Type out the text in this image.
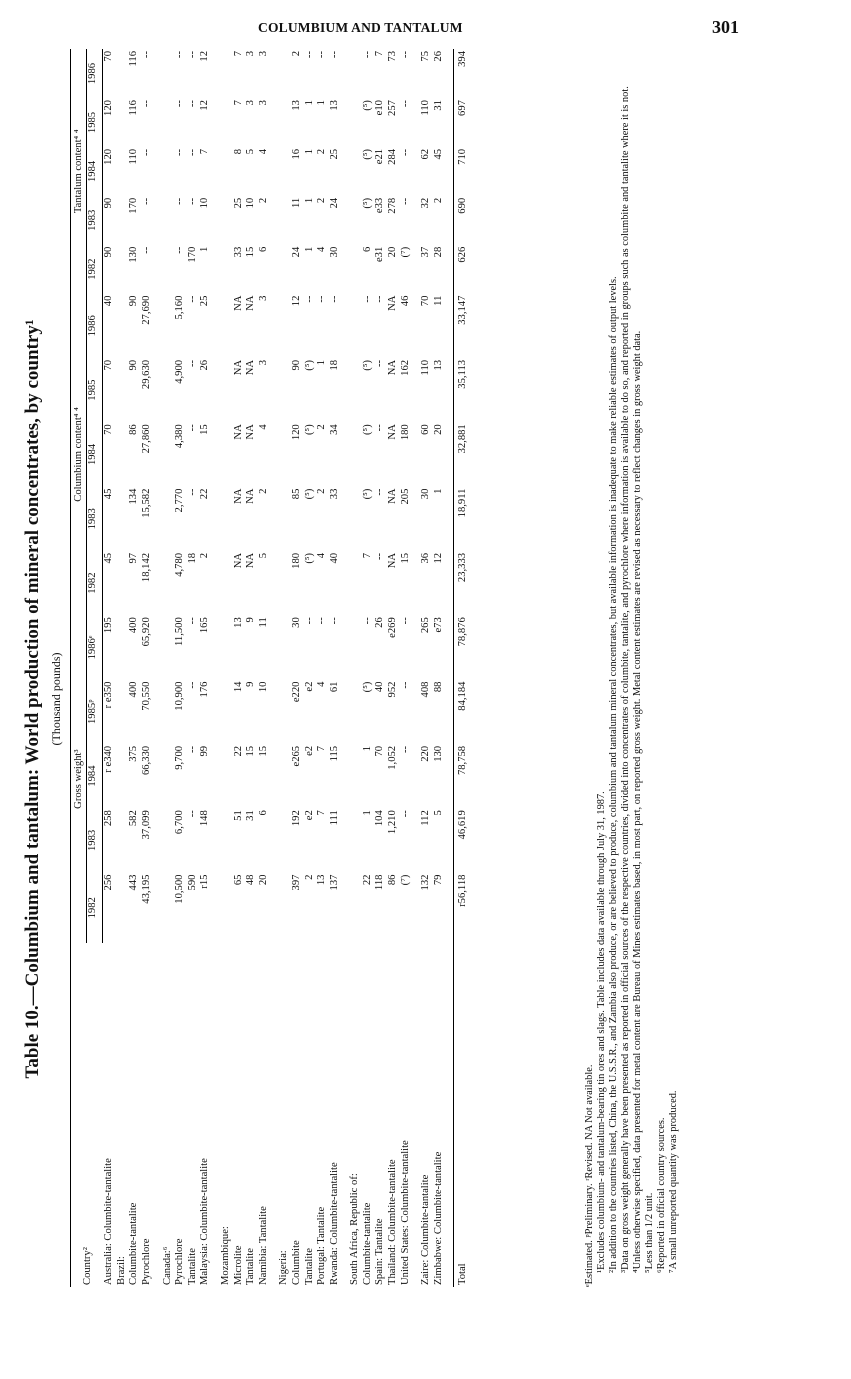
COLUMBIUM AND TANTALUM	301
Table 10.—Columbium and tantalum: World production of mineral concentrates, by country¹ (Thousand pounds)
Country²	Gross weight³					Columbium content⁴ ⁴					Tantalum content⁴ ⁴				
	1982	1983	1984	1985ᵖ	1986ᵉ	1982	1983	1984	1985	1986	1982	1983	1984	1985	1986
Australia: Columbite-tantalite	256	258	r e340	r e350	195	45	45	70	70	40	90	90	120	120	70
Brazil:															
Columbite-tantalite	443	582	375	400	400	97	134	86	90	90	130	170	110	116	116
Pyrochlore	43,195	37,099	66,330	70,550	65,920	18,142	15,582	27,860	29,630	27,690	--	--	--	--	--

Canada:⁶															
Pyrochlore	10,500	6,700	9,700	10,900	11,500	4,780	2,770	4,380	4,900	5,160	--	--	--	--	--
Tantalite	590	--	--	--	--	18	--	--	--	--	170	--	--	--	--
Malaysia: Columbite-tantalite	r15	148	99	176	165	2	22	15	26	25	1	10	7	12	12

Mozambique:															
Microlite	65	51	22	14	13	NA	NA	NA	NA	NA	33	25	8	7	7
Tantalite	48	31	15	9	9	NA	NA	NA	NA	NA	15	10	5	3	3
Namibia: Tantalite	20	6	15	10	11	5	2	4	3	3	6	2	4	3	3

Nigeria:															
Columbite	397	192	e265	e220	30	180	85	120	90	12	24	11	16	13	2
Tantalite	2	e2	e2	e2	--	(⁵)	(⁵)	(⁵)	(⁵)	--	1	1	1	1	--
Portugal: Tantalite	13	7	7	4	--	4	2	2	1	--	4	2	2	1	--
Rwanda: Columbite-tantalite	137	111	115	61	--	40	33	34	18	--	30	24	25	13	--

South Africa, Republic of:															
Columbite-tantalite	22	1	1	(⁵)	--	7	(⁵)	(⁵)	(⁵)	--	6	(⁵)	(⁵)	(⁵)	--
Spain: Tantalite	118	104	70	40	26	--	--	--	--	--	e31	e33	e21	e10	7
Thailand: Columbite-tantalite	86	1,210	1,052	952	e269	NA	NA	NA	NA	NA	20	278	284	257	73
United States: Columbite-tantalite	(⁷)	--	--	--	--	15	205	180	162	46	(⁷)	--	--	--	--

Zaire: Columbite-tantalite	132	112	220	408	265	36	30	60	110	70	37	32	62	110	75
Zimbabwe: Columbite-tantalite	79	5	130	88	e73	12	1	20	13	11	28	2	45	31	26

Total	r56,118	46,619	78,758	84,184	78,876	23,333	18,911	32,881	35,113	33,147	626	690	710	697	394

ᵉEstimated. ᵖPreliminary. ʳRevised. NA Not available. ¹Excludes columbium- and tantalum-bearing tin ores and slags. Table includes data available through July 31, 1987. ²In addition to the countries listed, China, the U.S.S.R., and Zambia also produce, or are believed to produce, columbium and tantalum mineral concentrates, but available information is inadequate to make reliable estimates of output levels. ³Data on gross weight generally have been presented as reported in official sources of the respective countries, divided into concentrates of columbite, tantalite, and pyrochlore where information is available to do so, and reported in groups such as columbite and tantalite where it is not. ⁴Unless otherwise specified, data presented for metal content are Bureau of Mines estimates based, in most part, on reported gross weight. Metal content estimates are revised as necessary to reflect changes in gross weight data. ⁵Less than 1/2 unit. ⁶Reported in official country sources. ⁷A small unreported quantity was produced.
